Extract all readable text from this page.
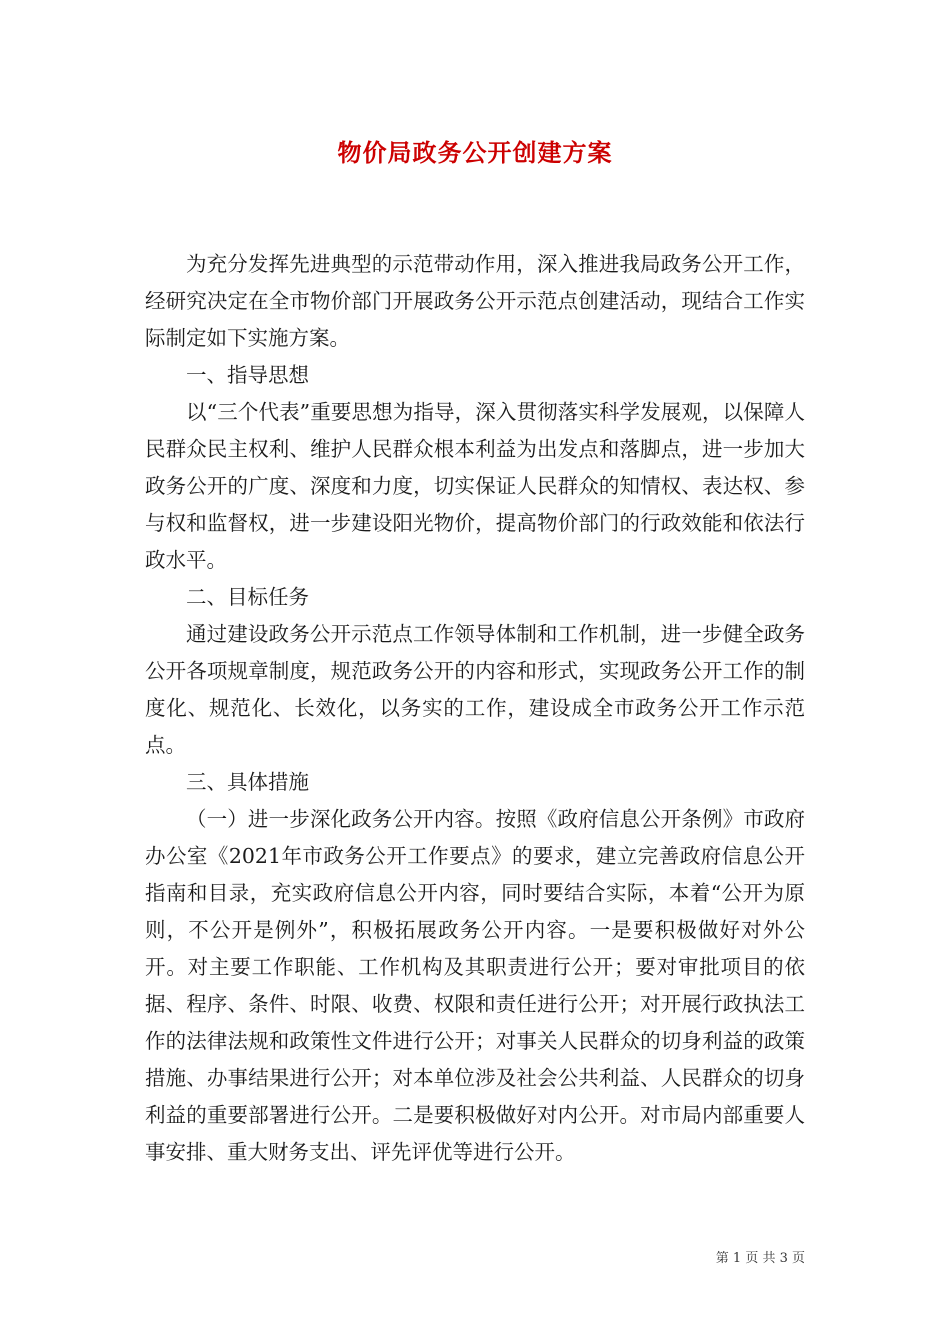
物价局政务公开创建方案

为充分发挥先进典型的示范带动作用，深入推进我局政务公开工作，经研究决定在全市物价部门开展政务公开示范点创建活动，现结合工作实际制定如下实施方案。

一、指导思想

以“三个代表”重要思想为指导，深入贯彻落实科学发展观，以保障人民群众民主权利、维护人民群众根本利益为出发点和落脚点，进一步加大政务公开的广度、深度和力度，切实保证人民群众的知情权、表达权、参与权和监督权，进一步建设阳光物价，提高物价部门的行政效能和依法行政水平。

二、目标任务

通过建设政务公开示范点工作领导体制和工作机制，进一步健全政务公开各项规章制度，规范政务公开的内容和形式，实现政务公开工作的制度化、规范化、长效化，以务实的工作，建设成全市政务公开工作示范点。

三、具体措施

（一）进一步深化政务公开内容。按照《政府信息公开条例》市政府办公室《2021年市政务公开工作要点》的要求，建立完善政府信息公开指南和目录，充实政府信息公开内容，同时要结合实际，本着“公开为原则，不公开是例外”，积极拓展政务公开内容。一是要积极做好对外公开。对主要工作职能、工作机构及其职责进行公开；要对审批项目的依据、程序、条件、时限、收费、权限和责任进行公开；对开展行政执法工作的法律法规和政策性文件进行公开；对事关人民群众的切身利益的政策措施、办事结果进行公开；对本单位涉及社会公共利益、人民群众的切身利益的重要部署进行公开。二是要积极做好对内公开。对市局内部重要人事安排、重大财务支出、评先评优等进行公开。

第 1 页 共 3 页
